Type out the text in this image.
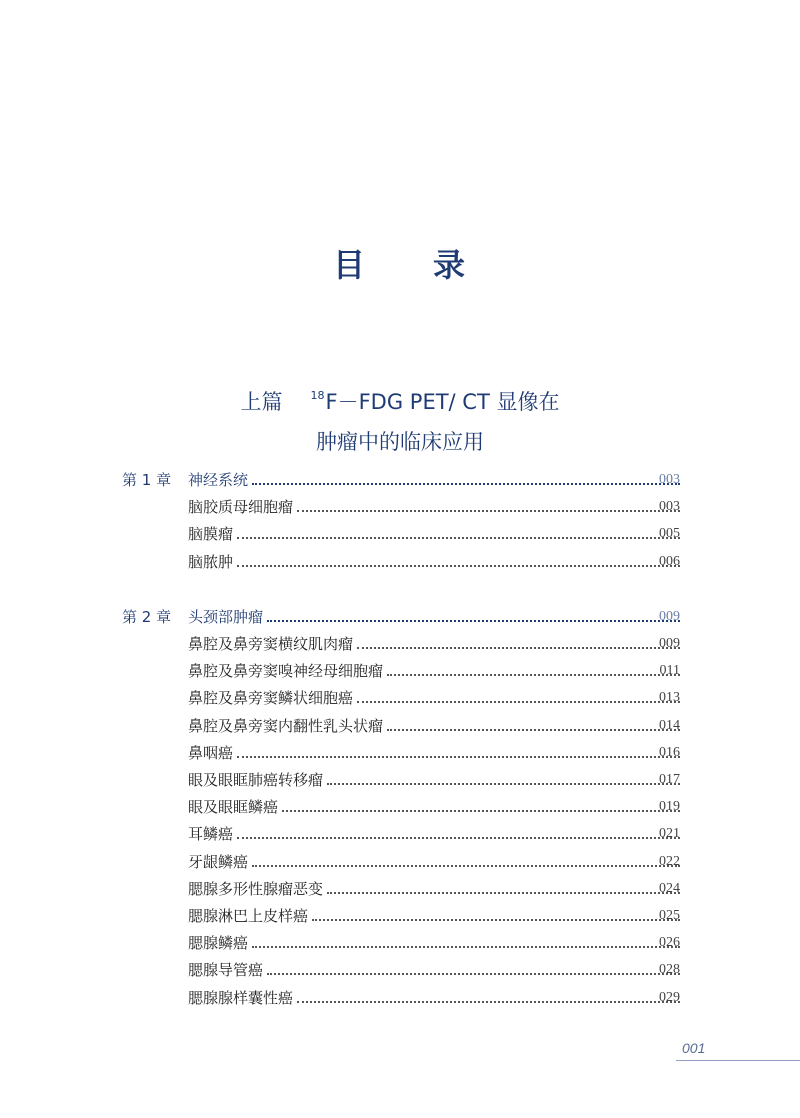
目 录
上篇	$^{18}$F－FDG PET/ CT 显像在
肿瘤中的临床应用
第 1 章 神经系统	003
脑胶质母细胞瘤	003
脑膜瘤	005
脑脓肿	006
第 2 章 头颈部肿瘤	009
鼻腔及鼻旁窦横纹肌肉瘤	009
鼻腔及鼻旁窦嗅神经母细胞瘤	011
鼻腔及鼻旁窦鳞状细胞癌	013
鼻腔及鼻旁窦内翻性乳头状瘤	014
鼻咽癌	016
眼及眼眶肺癌转移瘤	017
眼及眼眶鳞癌	019
耳鳞癌	021
牙龈鳞癌	022
腮腺多形性腺瘤恶变	024
腮腺淋巴上皮样癌	025
腮腺鳞癌	026
腮腺导管癌	028
腮腺腺样囊性癌	029
001
